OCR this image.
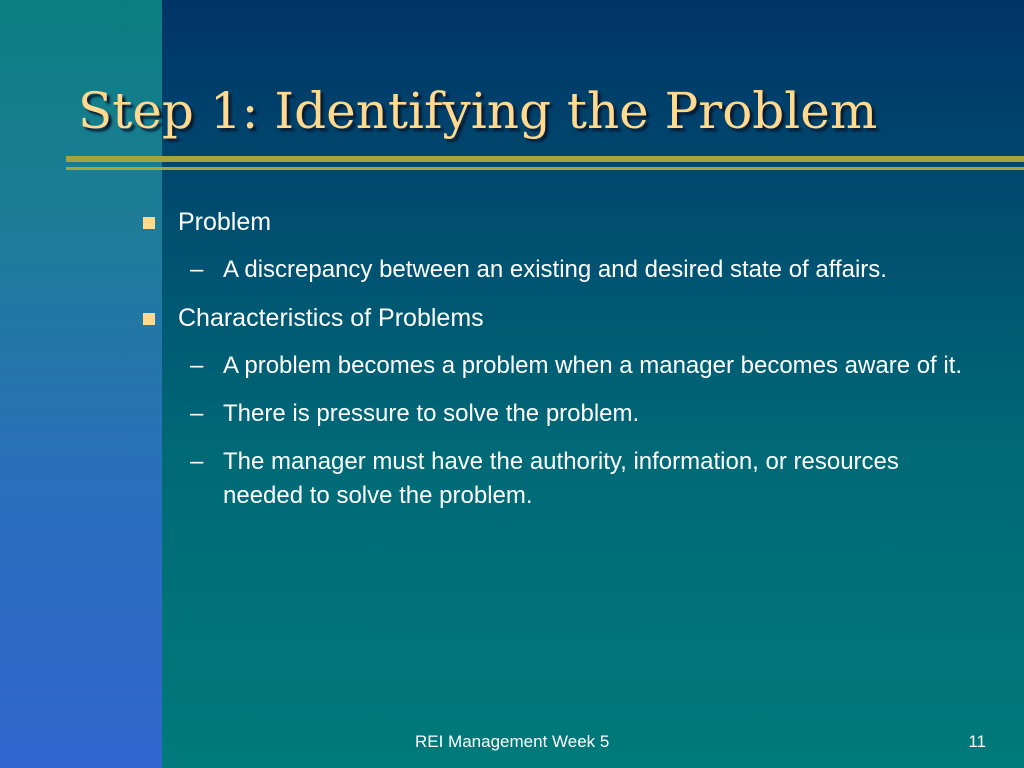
Step 1: Identifying the Problem
Problem
– A discrepancy between an existing and desired state of affairs.
Characteristics of Problems
– A problem becomes a problem when a manager becomes aware of it.
– There is pressure to solve the problem.
– The manager must have the authority, information, or resources needed to solve the problem.
REI Management Week 5	11
